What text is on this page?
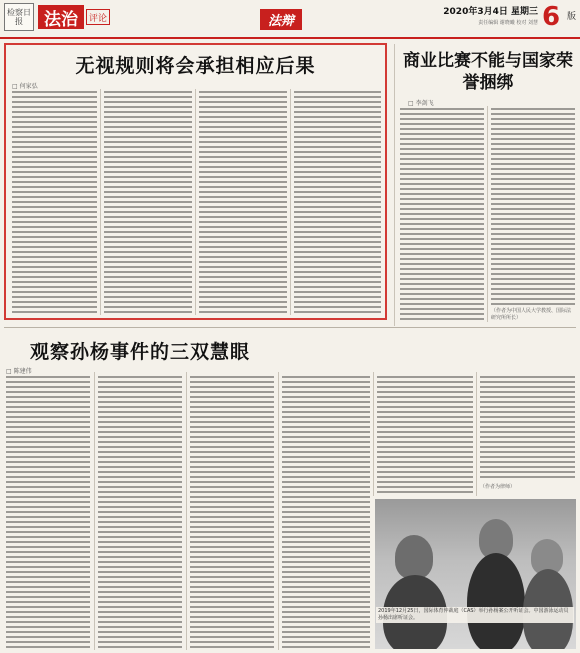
检察日报	法治	评论	法辩
2020年3月4日 星期三
责任编辑 谢晓曦 校对 刘慧 6 版
无视规则将会承担相应后果
□ 何家弘
商业比赛不能与国家荣誉捆绑
□ 李剑飞
（作者为中国人民大学教授、国际法研究所所长）
观察孙杨事件的三双慧眼
□ 陈建伟
（作者为律师）
2019年12月25日，国际体育仲裁庭（CAS）举行孙杨案公开听证会。中国游泳运动员孙杨出席听证会。
